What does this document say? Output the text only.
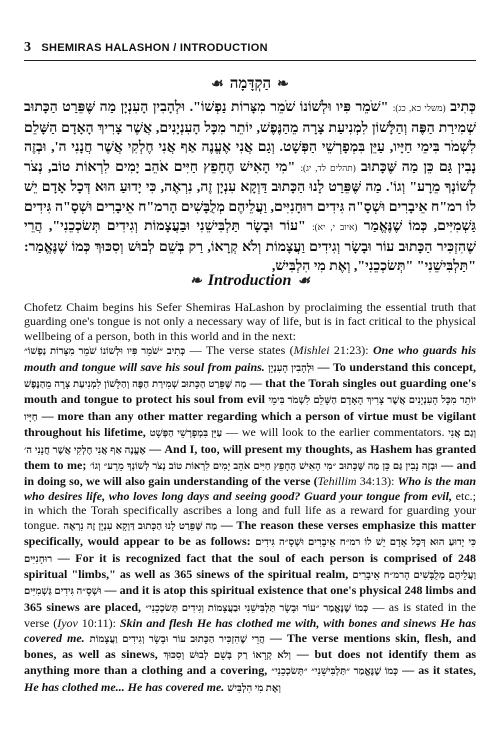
3 SHEMIRAS HALASHON / INTRODUCTION
❧
הַקְדָּמָה
☙
כְּתִיב (משלי כא, כג): "שֹׁמֵר פִּיו וּלְשׁוֹנוֹ שֹׁמֵר מִצָּרוֹת נַפְשׁוֹ". וּלְהָבִין הָעִנְיָן מַה שֶּׁפֵּרַט הַכָּתוּב שְׁמִירַת הַפֶּה וְהַלָּשׁוֹן לִמְנִיעַת צָרָה מֵהַנֶּפֶשׁ, יוֹתֵר מִכָּל הָעִנְיָנִים, אֲשֶׁר צָרִיךְ הָאָדָם הַשָּׁלֵם לִשְׁמֹר בִּימֵי חַיָּיו, עַיֵּן בִּמְפָרְשֵׁי הַפְּשָׁט. וְגַם אֲנִי אֶעֱנֶה אַף אֲנִי חֶלְקִי אֲשֶׁר חֲנָנִי ה', וּבְזֶה נָבִין גַּם כֵּן מַה שֶּׁכָּתוּב (תהלים לד, יג): "מִי הָאִישׁ הֶחָפֵץ חַיִּים אֹהֵב יָמִים לִרְאוֹת טוֹב, נְצֹר לְשׁוֹנְךָ מֵרָע" וְגוֹ'. מַה שֶּׁפֵּרַט לָנוּ הַכָּתוּב דַּוְקָא עִנְיָן זֶה, נִרְאֶה, כִּי יָדוּעַ הוּא דְּכָל אָדָם יֵשׁ לוֹ רמ"ח אֵיבָרִים וּשְׁסָ"ה גִּידִים רוּחָנִיִּים, וַעֲלֵיהֶם מְלֻבָּשִׁים הָרמ"ח אֵיבָרִים וּשְׁסָ"ה גִּידִים גַּשְׁמִיִּים, כְּמוֹ שֶׁנֶּאֱמַר (איוב י, יא): "עוֹר וּבָשָׂר תַּלְבִּישֵׁנִי וּבַעֲצָמוֹת וְגִידִים תְּשׂכְכֵנִי", הֲרֵי שֶׁהִזְכִּיר הַכָּתוּב עוֹר וּבָשָׂר וְגִידִים וַעֲצָמוֹת וְלֹא קְרָאוֹ, רַק בְּשֵׁם לְבוּשׁ וְסִכּוּךְ כְּמוֹ שֶׁנֶּאֱמַר: "תַּלְבִּישֵׁנִי" "תְּשׂכְכֵנִי", וְאֶת מִי הִלְבִּישׁ,
❧ Introduction ☙

Chofetz Chaim begins his Sefer Shemiras HaLashon by proclaiming the essential truth that guarding one's tongue is not only a necessary way of life, but is in fact critical to the physical wellbeing of a person, both in this world and in the next:

כְּתִיב ״שֹׁמֵר פִּיו וּלְשׁוֹנוֹ שֹׁמֵר מִצָּרוֹת נַפְשׁוֹ״ — The verse states (Mishlei 21:23): One who guards his mouth and tongue will save his soul from pains. וּלְהָבִין הָעִנְיָן — To understand this concept, מַה שֶּׁפֵּרַט הַכָּתוּב שְׁמִירַת הַפֶּה וְהַלָּשׁוֹן לִמְנִיעַת צָרָה מֵהַנֶּפֶשׁ — that the Torah singles out guarding one's mouth and tongue to protect his soul from evil יוֹתֵר מִכָּל הָעִנְיָנִים אֲשֶׁר צָרִיךְ הָאָדָם הַשָּׁלֵם לִשְׁמֹר בִּימֵי חַיָּיו — more than any other matter regarding which a person of virtue must be vigilant throughout his lifetime, עַיֵּן בִּמְפָרְשֵׁי הַפְּשָׁט — we will look to the earlier commentators. וְגַם אֲנִי אֶעֱנֶה אַף אֲנִי חֶלְקִי אֲשֶׁר חֲנָנִי ה׳ — And I, too, will present my thoughts, as Hashem has granted them to me; וּבְזֶה נָבִין גַּם כֵּן מַה שֶּׁכָּתוּב ״מִי הָאִישׁ הֶחָפֵץ חַיִּים אֹהֵב יָמִים לִרְאוֹת טוֹב נְצֹר לְשׁוֹנְךָ מֵרָע״ וְגוֹ׳ — and in doing so, we will also gain understanding of the verse (Tehillim 34:13): Who is the man who desires life, who loves long days and seeing good? Guard your tongue from evil, etc.; in which the Torah specifically ascribes a long and full life as a reward for guarding your tongue. מַה שֶּׁפֵּרַט לָנוּ הַכָּתוּב דַּוְקָא עִנְיָן זֶה נִרְאֶה — The reason these verses emphasize this matter specifically, would appear to be as follows: כִּי יָדוּעַ הוּא דְּכָל אָדָם יֵשׁ לוֹ רמ״ח אֵיבָרִים וּשְׁסָ״ה גִּידִים רוּחָנִיִּים — For it is recognized fact that the soul of each person is comprised of 248 spiritual "limbs," as well as 365 sinews of the spiritual realm, וַעֲלֵיהֶם מְלֻבָּשִׁים הָרמ״ח אֵיבָרִים וּשְׁסָ״ה גִּידִים גַּשְׁמִיִּים — and it is atop this spiritual existence that one's physical 248 limbs and 365 sinews are placed, כְּמוֹ שֶׁנֶּאֱמַר ״עוֹר וּבָשָׂר תַּלְבִּישֵׁנִי וּבַעֲצָמוֹת וְגִידִים תְּשׂכְכֵנִי״ — as is stated in the verse (Iyov 10:11): Skin and flesh He has clothed me with, with bones and sinews He has covered me. הֲרֵי שֶׁהִזְכִּיר הַכָּתוּב עוֹר וּבָשָׂר וְגִידִים וַעֲצָמוֹת — The verse mentions skin, flesh, and bones, as well as sinews, וְלֹא קְרָאוֹ רַק בְּשֵׁם לְבוּשׁ וְסִכּוּךְ — but does not identify them as anything more than a clothing and a covering, כְּמוֹ שֶׁנֶּאֱמַר ״תַּלְבִּישֵׁנִי״ ״תְּשׂכְכֵנִי״ — as it states, He has clothed me... He has covered me. וְאֶת מִי הִלְבִּישׁ
